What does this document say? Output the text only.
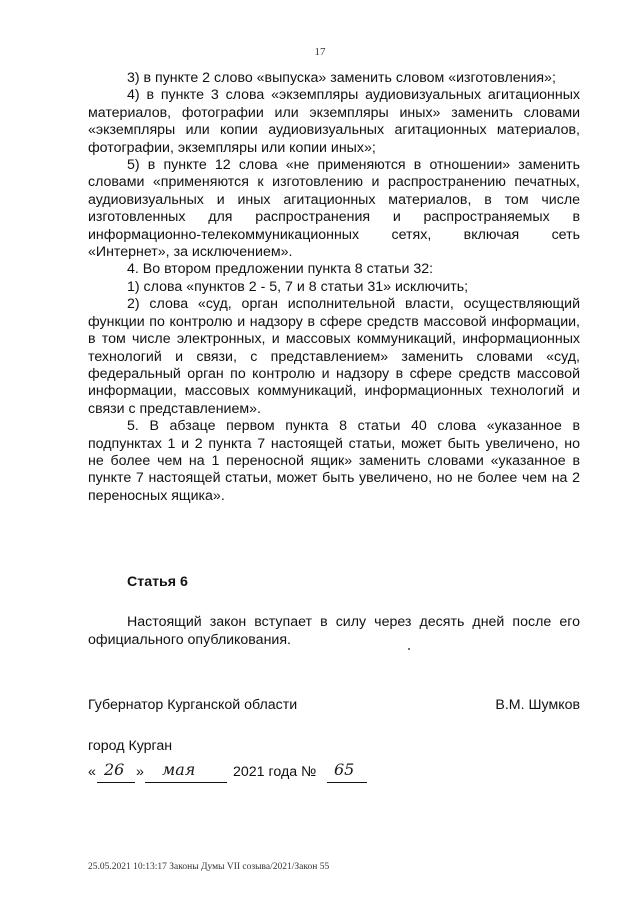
17

3) в пункте 2 слово «выпуска» заменить словом «изготовления»;

4) в пункте 3 слова «экземпляры аудиовизуальных агитационных материалов, фотографии или экземпляры иных» заменить словами «экземпляры или копии аудиовизуальных агитационных материалов, фотографии, экземпляры или копии иных»;

5) в пункте 12 слова «не применяются в отношении» заменить словами «применяются к изготовлению и распространению печатных, аудиовизуальных и иных агитационных материалов, в том числе изготовленных для распространения и распространяемых в информационно-телекоммуникационных сетях, включая сеть «Интернет», за исключением».

4. Во втором предложении пункта 8 статьи 32:

1) слова «пунктов 2 - 5, 7 и 8 статьи 31» исключить;

2) слова «суд, орган исполнительной власти, осуществляющий функции по контролю и надзору в сфере средств массовой информации, в том числе электронных, и массовых коммуникаций, информационных технологий и связи, с представлением» заменить словами «суд, федеральный орган по контролю и надзору в сфере средств массовой информации, массовых коммуникаций, информационных технологий и связи с представлением».

5. В абзаце первом пункта 8 статьи 40 слова «указанное в подпунктах 1 и 2 пункта 7 настоящей статьи, может быть увеличено, но не более чем на 1 переносной ящик» заменить словами «указанное в пункте 7 настоящей статьи, может быть увеличено, но не более чем на 2 переносных ящика».

Статья 6

Настоящий закон вступает в силу через десять дней после его официального опубликования.

Губернатор Курганской области	В.М. Шумков
город Курган
« 26 » мая	2021 года № 65
25.05.2021 10:13:17 Законы Думы VII созыва/2021/Закон 55
